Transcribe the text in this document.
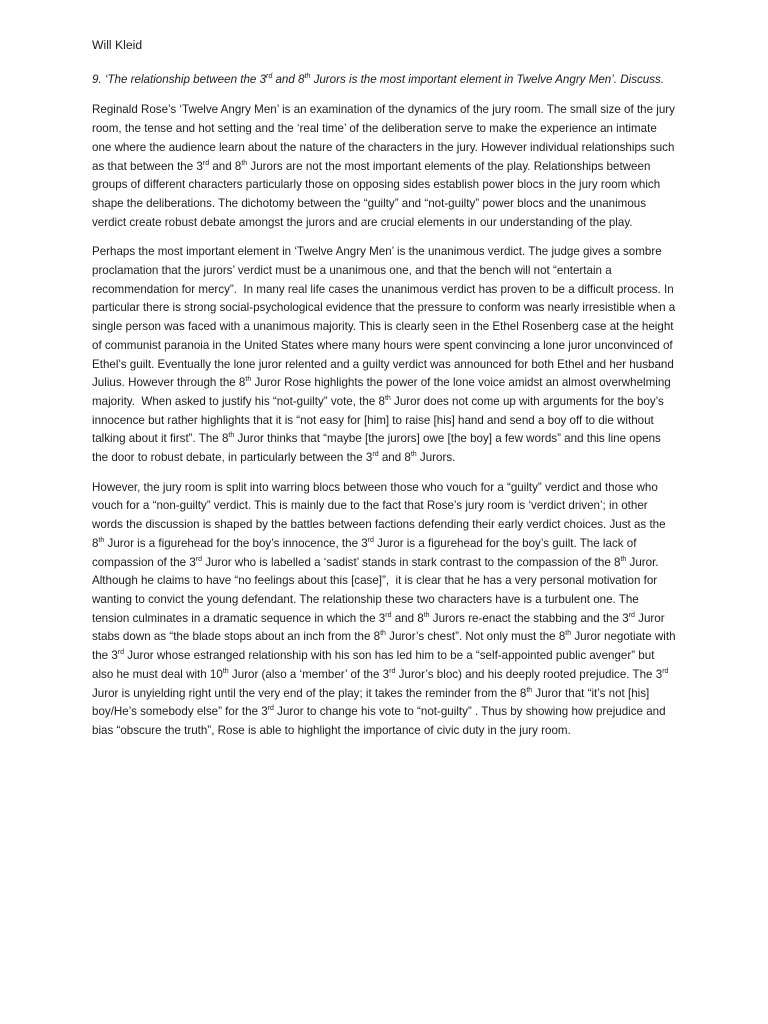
Will Kleid
9. ‘The relationship between the 3rd and 8th Jurors is the most important element in Twelve Angry Men’. Discuss.
Reginald Rose’s ‘Twelve Angry Men’ is an examination of the dynamics of the jury room. The small size of the jury room, the tense and hot setting and the ‘real time’ of the deliberation serve to make the experience an intimate one where the audience learn about the nature of the characters in the jury. However individual relationships such as that between the 3rd and 8th Jurors are not the most important elements of the play. Relationships between groups of different characters particularly those on opposing sides establish power blocs in the jury room which shape the deliberations. The dichotomy between the “guilty” and “not-guilty” power blocs and the unanimous verdict create robust debate amongst the jurors and are crucial elements in our understanding of the play.
Perhaps the most important element in ‘Twelve Angry Men’ is the unanimous verdict. The judge gives a sombre proclamation that the jurors’ verdict must be a unanimous one, and that the bench will not “entertain a recommendation for mercy”.  In many real life cases the unanimous verdict has proven to be a difficult process. In particular there is strong social-psychological evidence that the pressure to conform was nearly irresistible when a single person was faced with a unanimous majority. This is clearly seen in the Ethel Rosenberg case at the height of communist paranoia in the United States where many hours were spent convincing a lone juror unconvinced of Ethel’s guilt. Eventually the lone juror relented and a guilty verdict was announced for both Ethel and her husband Julius. However through the 8th Juror Rose highlights the power of the lone voice amidst an almost overwhelming majority.  When asked to justify his “not-guilty” vote, the 8th Juror does not come up with arguments for the boy’s innocence but rather highlights that it is “not easy for [him] to raise [his] hand and send a boy off to die without talking about it first”. The 8th Juror thinks that “maybe [the jurors] owe [the boy] a few words” and this line opens the door to robust debate, in particularly between the 3rd and 8th Jurors.
However, the jury room is split into warring blocs between those who vouch for a “guilty” verdict and those who vouch for a “non-guilty” verdict. This is mainly due to the fact that Rose’s jury room is ‘verdict driven’; in other words the discussion is shaped by the battles between factions defending their early verdict choices. Just as the 8th Juror is a figurehead for the boy’s innocence, the 3rd Juror is a figurehead for the boy’s guilt. The lack of compassion of the 3rd Juror who is labelled a ‘sadist’ stands in stark contrast to the compassion of the 8th Juror.  Although he claims to have “no feelings about this [case]”,  it is clear that he has a very personal motivation for wanting to convict the young defendant. The relationship these two characters have is a turbulent one. The tension culminates in a dramatic sequence in which the 3rd and 8th Jurors re-enact the stabbing and the 3rd Juror stabs down as “the blade stops about an inch from the 8th Juror’s chest”. Not only must the 8th Juror negotiate with the 3rd Juror whose estranged relationship with his son has led him to be a “self-appointed public avenger” but also he must deal with 10th Juror (also a ‘member’ of the 3rd Juror’s bloc) and his deeply rooted prejudice. The 3rd Juror is unyielding right until the very end of the play; it takes the reminder from the 8th Juror that “it’s not [his] boy/He’s somebody else” for the 3rd Juror to change his vote to “not-guilty” . Thus by showing how prejudice and bias “obscure the truth”, Rose is able to highlight the importance of civic duty in the jury room.
